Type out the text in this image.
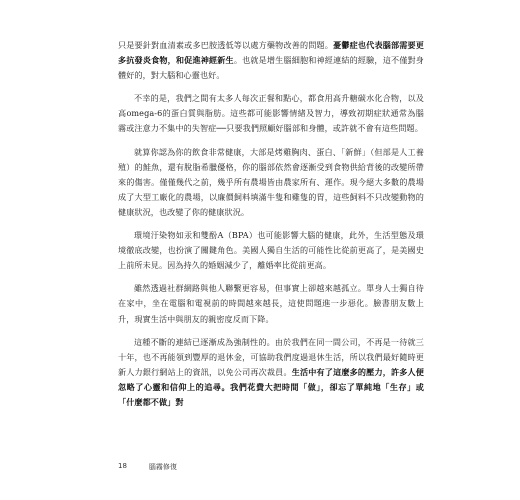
只是要針對血清素或多巴胺透低等以處方藥物改善的問題。憂鬱症也代表腦部需要更多抗發炎食物，和促進神經新生。也就是增生腦細胞和神經連結的經驗，這不僅對身體好的，對大腦和心靈也好。

不幸的是，我們之間有太多人每次正餐和點心，都食用高升糖碳水化合物，以及高omega-6的蛋白質與脂肪。這些都可能影響情緒及智力，導致初期症狀通常為腦霧或注意力不集中的失智症──只要我們照顧好腦部和身體，或許就不會有這些問題。

就算你認為你的飲食非常健康，大部是烤雞胸肉、蛋白、「新鮮」（但部是人工養殖）的鮭魚，還有脫脂希臘優格，你的腦部依然會逐漸受到食物供給背後的改變所帶來的傷害。僅僅幾代之前，幾乎所有農場皆由農家所有、運作。現今絕大多數的農場成了大型工廠化的農場，以廉價飼料填滿牛隻和雞隻的胃，這些飼料不只改變動物的健康狀況，也改變了你的健康狀況。

環境汙染物如汞和雙酚A（BPA）也可能影響大腦的健康，此外，生活型態及環境徹底改變，也扮演了關鍵角色。美國人獨自生活的可能性比從前更高了，是美國史上前所未見。因為持久的婚姻減少了，離婚率比從前更高。

雖然透過社群網路與他人聯繫更容易，但事實上卻越來越孤立。單身人士獨自待在家中，坐在電腦和電視前的時間越來越長，這使問題進一步惡化。臉書朋友數上升，現實生活中與朋友的親密度反而下降。

這種不斷的連結已逐漸成為強制性的。由於我們在同一間公司，不再是一待就三十年，也不再能領到豐厚的退休金，可協助我們度過退休生活，所以我們最好隨時更新人力銀行網站上的資訊，以免公司再次裁員。生活中有了這麼多的壓力，許多人便忽略了心靈和信仰上的追尋。我們花費大把時間「做」，卻忘了單純地「生存」或「什麼都不做」對

18	腦霧修復
